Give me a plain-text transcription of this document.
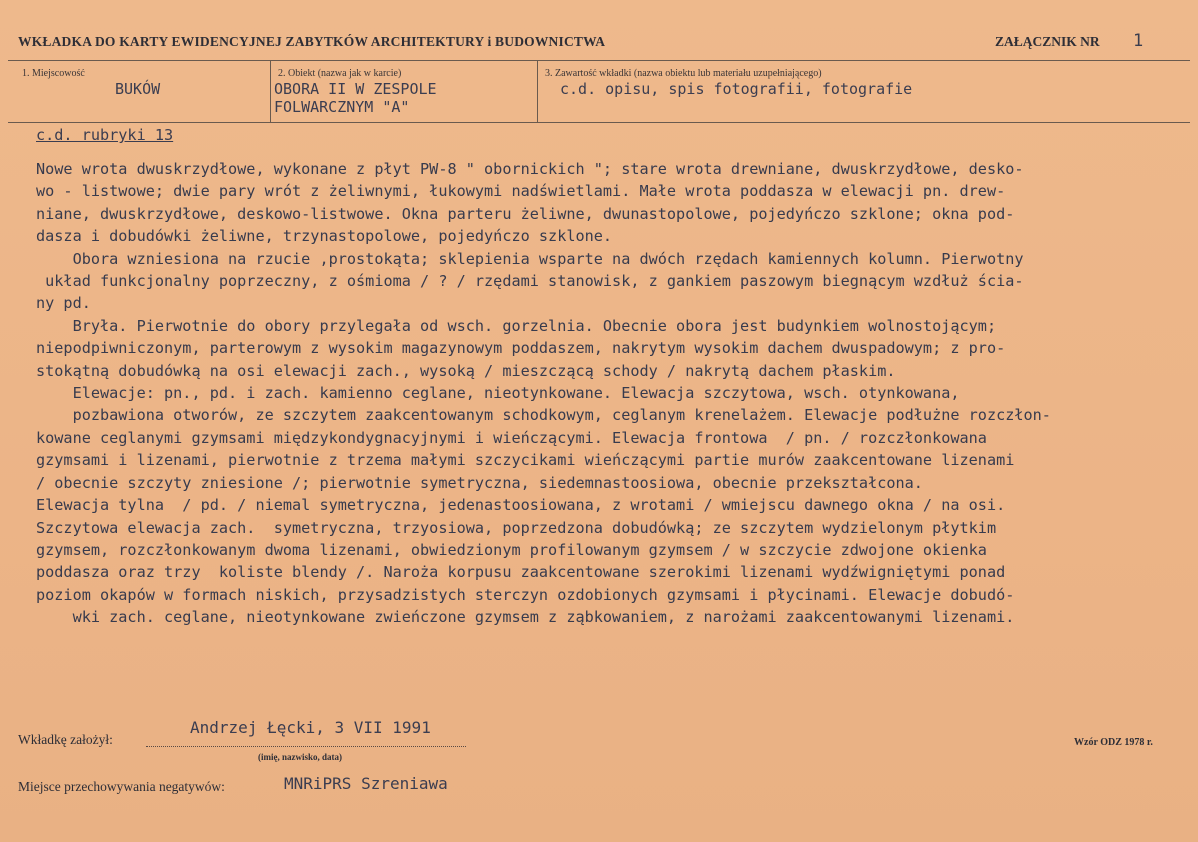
WKŁADKA DO KARTY EWIDENCYJNEJ ZABYTKÓW ARCHITEKTURY i BUDOWNICTWA	ZAŁĄCZNIK NR 1
1. Miejscowość
BUKÓW
2. Obiekt (nazwa jak w karcie)
OBORA II W ZESPOLE
FOLWARCZNYM "A"
3. Zawartość wkładki (nazwa obiektu lub materiału uzupełniającego)
c.d. opisu, spis fotografii, fotografie
c.d. rubryki 13

Nowe wrota dwuskrzydłowe, wykonane z płyt PW-8 " obornickich "; stare wrota drewniane, dwuskrzydłowe, desko-

wo - listwowe; dwie pary wrót z żeliwnymi, łukowymi nadświetlami. Małe wrota poddasza w elewacji pn. drew-

niane, dwuskrzydłowe, deskowo-listwowe. Okna parteru żeliwne, dwunastopolowe, pojedyńczo szklone; okna pod-

dasza i dobudówki żeliwne, trzynastopolowe, pojedyńczo szklone.

Obora wzniesiona na rzucie ,prostokąta; sklepienia wsparte na dwóch rzędach kamiennych kolumn. Pierwotny

układ funkcjonalny poprzeczny, z ośmioma / ? / rzędami stanowisk, z gankiem paszowym biegnącym wzdłuż ścia-

ny pd.

Bryła. Pierwotnie do obory przylegała od wsch. gorzelnia. Obecnie obora jest budynkiem wolnostojącym;

niepodpiwniczonym, parterowym z wysokim magazynowym poddaszem, nakrytym wysokim dachem dwuspadowym; z pro-

stokątną dobudówką na osi elewacji zach., wysoką / mieszczącą schody / nakrytą dachem płaskim.

Elewacje: pn., pd. i zach. kamienno ceglane, nieotynkowane. Elewacja szczytowa, wsch. otynkowana,

pozbawiona otworów, ze szczytem zaakcentowanym schodkowym, ceglanym krenelażem. Elewacje podłużne rozczłon-

kowane ceglanymi gzymsami międzykondygnacyjnymi i wieńczącymi. Elewacja frontowa  / pn. / rozczłonkowana

gzymsami i lizenami, pierwotnie z trzema małymi szczycikami wieńczącymi partie murów zaakcentowane lizenami

/ obecnie szczyty zniesione /; pierwotnie symetryczna, siedemnastoosiowa, obecnie przekształcona.

Elewacja tylna  / pd. / niemal symetryczna, jedenastoosiowana, z wrotami / wmiejscu dawnego okna / na osi.

Szczytowa elewacja zach.  symetryczna, trzyosiowa, poprzedzona dobudówką; ze szczytem wydzielonym płytkim

gzymsem, rozczłonkowanym dwoma lizenami, obwiedzionym profilowanym gzymsem / w szczycie zdwojone okienka

poddasza oraz trzy  koliste blendy /. Naroża korpusu zaakcentowane szerokimi lizenami wydźwigniętymi ponad

poziom okapów w formach niskich, przysadzistych sterczyn ozdobionych gzymsami i płycinami. Elewacje dobudó-

wki zach. ceglane, nieotynkowane zwieńczone gzymsem z ząbkowaniem, z narożami zaakcentowanymi lizenami.

Wkładkę założył:
Andrzej Łęcki, 3 VII 1991
(imię, nazwisko, data)
Wzór ODZ 1978 r.
Miejsce przechowywania negatywów:	MNRiPRS Szreniawa
